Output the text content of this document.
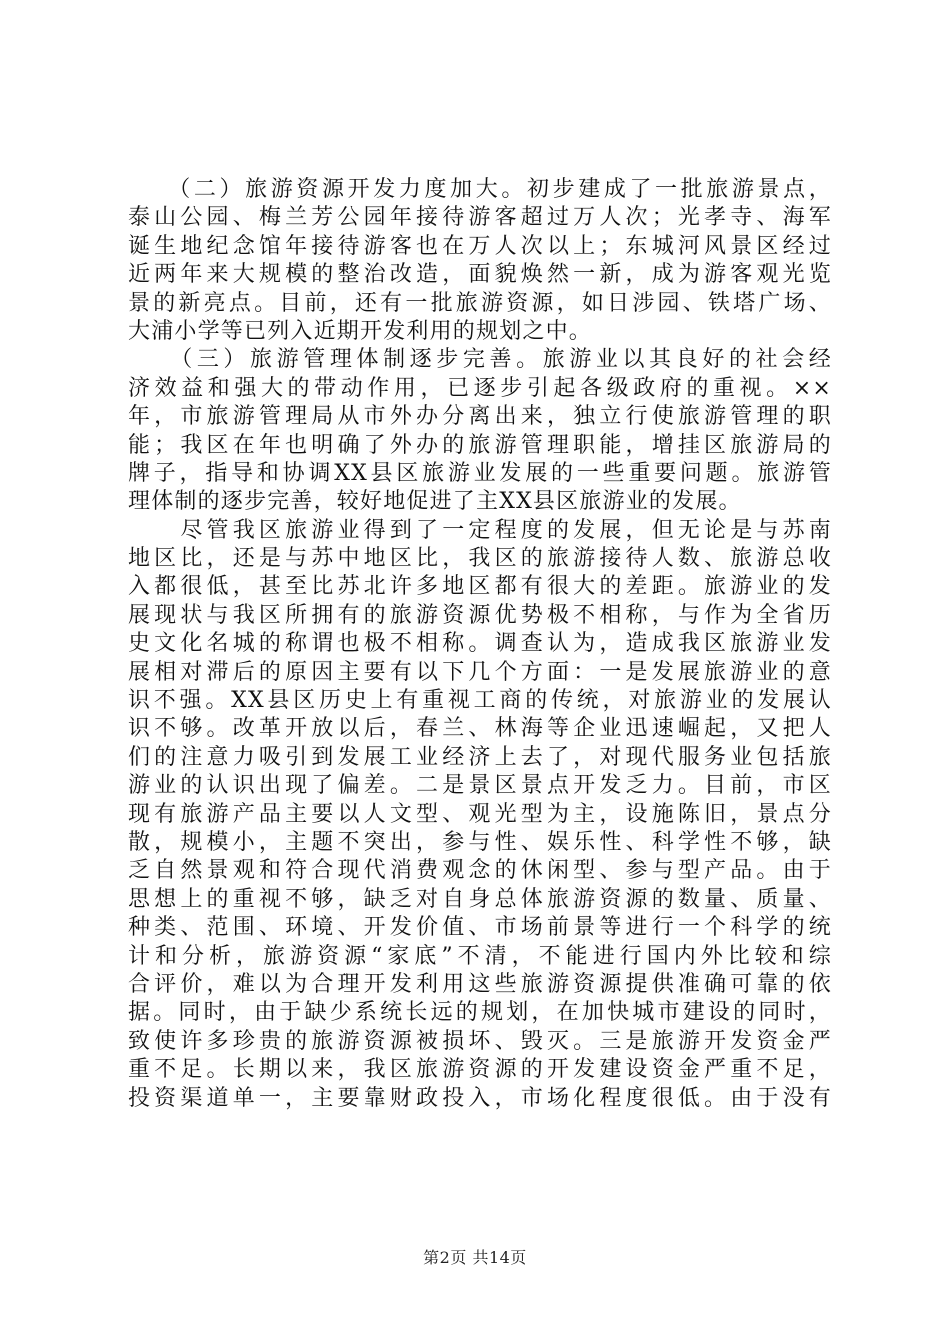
　　（二）旅游资源开发力度加大。初步建成了一批旅游景点，
泰山公园、梅兰芳公园年接待游客超过万人次；光孝寺、海军
诞生地纪念馆年接待游客也在万人次以上；东城河风景区经过
近两年来大规模的整治改造，面貌焕然一新，成为游客观光览
景的新亮点。目前，还有一批旅游资源，如日涉园、铁塔广场、
大浦小学等已列入近期开发利用的规划之中。
　　（三）旅游管理体制逐步完善。旅游业以其良好的社会经
济效益和强大的带动作用，已逐步引起各级政府的重视。××
年，市旅游管理局从市外办分离出来，独立行使旅游管理的职
能；我区在年也明确了外办的旅游管理职能，增挂区旅游局的
牌子，指导和协调XX县区旅游业发展的一些重要问题。旅游管
理体制的逐步完善，较好地促进了主XX县区旅游业的发展。
　　尽管我区旅游业得到了一定程度的发展，但无论是与苏南
地区比，还是与苏中地区比，我区的旅游接待人数、旅游总收
入都很低，甚至比苏北许多地区都有很大的差距。旅游业的发
展现状与我区所拥有的旅游资源优势极不相称，与作为全省历
史文化名城的称谓也极不相称。调查认为，造成我区旅游业发
展相对滞后的原因主要有以下几个方面：一是发展旅游业的意
识不强。XX县区历史上有重视工商的传统，对旅游业的发展认
识不够。改革开放以后，春兰、林海等企业迅速崛起，又把人
们的注意力吸引到发展工业经济上去了，对现代服务业包括旅
游业的认识出现了偏差。二是景区景点开发乏力。目前，市区
现有旅游产品主要以人文型、观光型为主，设施陈旧，景点分
散，规模小，主题不突出，参与性、娱乐性、科学性不够，缺
乏自然景观和符合现代消费观念的休闲型、参与型产品。由于
思想上的重视不够，缺乏对自身总体旅游资源的数量、质量、
种类、范围、环境、开发价值、市场前景等进行一个科学的统
计和分析，旅游资源“家底”不清，不能进行国内外比较和综
合评价，难以为合理开发利用这些旅游资源提供准确可靠的依
据。同时，由于缺少系统长远的规划，在加快城市建设的同时，
致使许多珍贵的旅游资源被损坏、毁灭。三是旅游开发资金严
重不足。长期以来，我区旅游资源的开发建设资金严重不足，
投资渠道单一，主要靠财政投入，市场化程度很低。由于没有
第2页 共14页
